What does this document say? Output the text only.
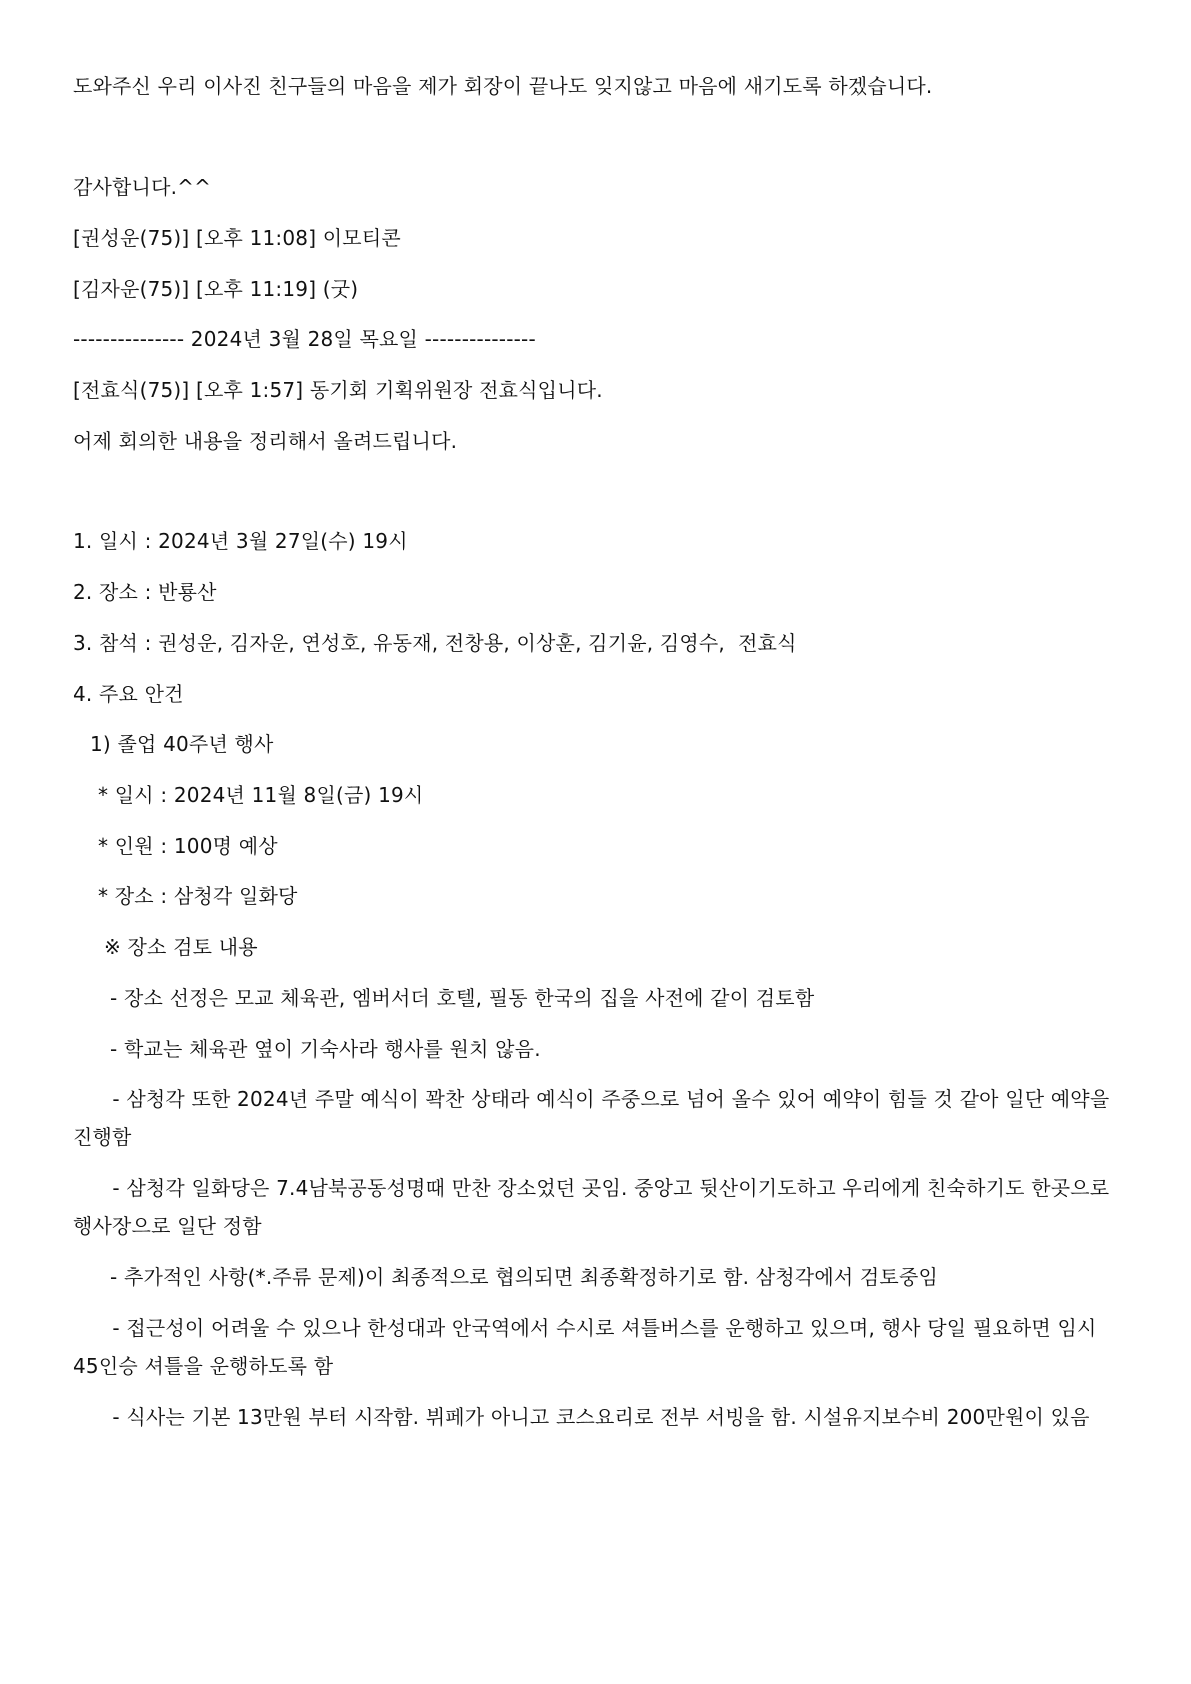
도와주신 우리 이사진 친구들의 마음을 제가 회장이 끝나도 잊지않고 마음에 새기도록 하겠습니다.
감사합니다.^^
[권성운(75)] [오후 11:08] 이모티콘
[김자운(75)] [오후 11:19] (굿)
--------------- 2024년 3월 28일 목요일 ---------------
[전효식(75)] [오후 1:57] 동기회 기획위원장 전효식입니다.
어제 회의한 내용을 정리해서 올려드립니다.
1. 일시 : 2024년 3월 27일(수) 19시
2. 장소 : 반룡산
3. 참석 : 권성운, 김자운, 연성호, 유동재, 전창용, 이상훈, 김기윤, 김영수,  전효식
4. 주요 안건
1) 졸업 40주년 행사
* 일시 : 2024년 11월 8일(금) 19시
* 인원 : 100명 예상
* 장소 : 삼청각 일화당
※ 장소 검토 내용
- 장소 선정은 모교 체육관, 엠버서더 호텔, 필동 한국의 집을 사전에 같이 검토함
- 학교는 체육관 옆이 기숙사라 행사를 원치 않음.
- 삼청각 또한 2024년 주말 예식이 꽉찬 상태라 예식이 주중으로 넘어 올수 있어 예약이 힘들 것 같아 일단 예약을 진행함
- 삼청각 일화당은 7.4남북공동성명때 만찬 장소었던 곳임. 중앙고 뒷산이기도하고 우리에게 친숙하기도 한곳으로 행사장으로 일단 정함
- 추가적인 사항(*.주류 문제)이 최종적으로 협의되면 최종확정하기로 함. 삼청각에서 검토중임
- 접근성이 어려울 수 있으나 한성대과 안국역에서 수시로 셔틀버스를 운행하고 있으며, 행사 당일 필요하면 임시 45인승 셔틀을 운행하도록 함
- 식사는 기본 13만원 부터 시작함. 뷔페가 아니고 코스요리로 전부 서빙을 함. 시설유지보수비 200만원이 있음
